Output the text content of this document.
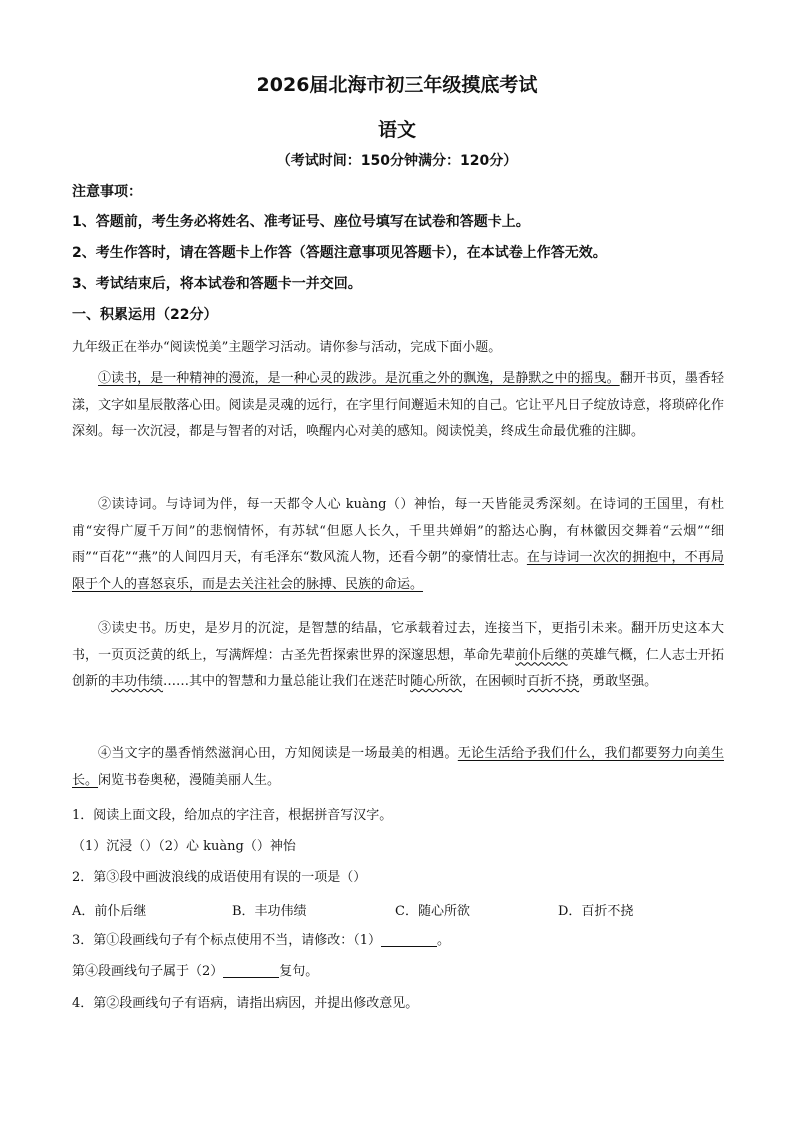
2026届北海市初三年级摸底考试
语文
（考试时间：150分钟满分：120分）
注意事项：
1、答题前，考生务必将姓名、准考证号、座位号填写在试卷和答题卡上。
2、考生作答时，请在答题卡上作答（答题注意事项见答题卡），在本试卷上作答无效。
3、考试结束后，将本试卷和答题卡一并交回。
一、积累运用（22分）
九年级正在举办“阅读悦美”主题学习活动。请你参与活动，完成下面小题。
①读书，是一种精神的漫流，是一种心灵的跋涉。是沉重之外的飘逸，是静默之中的摇曳。翻开书页，墨香轻漾，文字如星辰散落心田。阅读是灵魂的远行，在字里行间邂逅未知的自己。它让平凡日子绽放诗意，将琐碎化作深刻。每一次沉浸，都是与智者的对话，唤醒内心对美的感知。阅读悦美，终成生命最优雅的注脚。
②读诗词。与诗词为伴，每一天都令人心 kuàng（）神怡，每一天皆能灵秀深刻。在诗词的王国里，有杜甫“安得广厦千万间”的悲悯情怀，有苏轼“但愿人长久，千里共婵娟”的豁达心胸，有林徽因交舞着“云烟”“细雨”“百花”“燕”的人间四月天，有毛泽东“数风流人物，还看今朝”的豪情壮志。在与诗词一次次的拥抱中，不再局限于个人的喜怒哀乐，而是去关注社会的脉搏、民族的命运。
③读史书。历史，是岁月的沉淀，是智慧的结晶，它承载着过去，连接当下，更指引未来。翻开历史这本大书，一页页泛黄的纸上，写满辉煌：古圣先哲探索世界的深邃思想，革命先辈前仆后继的英雄气概，仁人志士开拓创新的丰功伟绩……其中的智慧和力量总能让我们在迷茫时随心所欲，在困顿时百折不挠，勇敢坚强。
④当文字的墨香悄然滋润心田，方知阅读是一场最美的相遇。无论生活给予我们什么，我们都要努力向美生长。闲览书卷奥秘，漫随美丽人生。
1．阅读上面文段，给加点的字注音，根据拼音写汉字。
（1）沉浸（）（2）心 kuàng（）神怡
2．第③段中画波浪线的成语使用有误的一项是（）
A．前仆后继	B．丰功伟绩	C．随心所欲	D．百折不挠
3．第①段画线句子有个标点使用不当，请修改：（1）	。
第④段画线句子属于（2）	复句。
4．第②段画线句子有语病，请指出病因，并提出修改意见。
